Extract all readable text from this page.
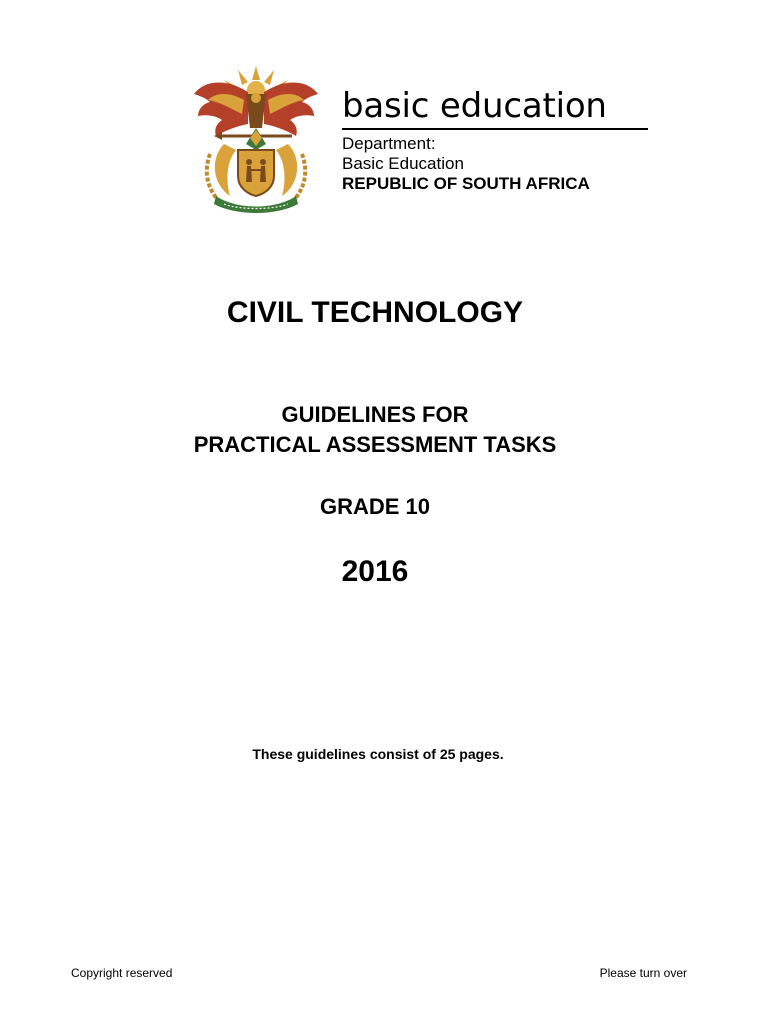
basic education
Department:
Basic Education
REPUBLIC OF SOUTH AFRICA
CIVIL TECHNOLOGY
GUIDELINES FOR
PRACTICAL ASSESSMENT TASKS
GRADE 10
2016
These guidelines consist of 25 pages.
Copyright reserved	Please turn over
